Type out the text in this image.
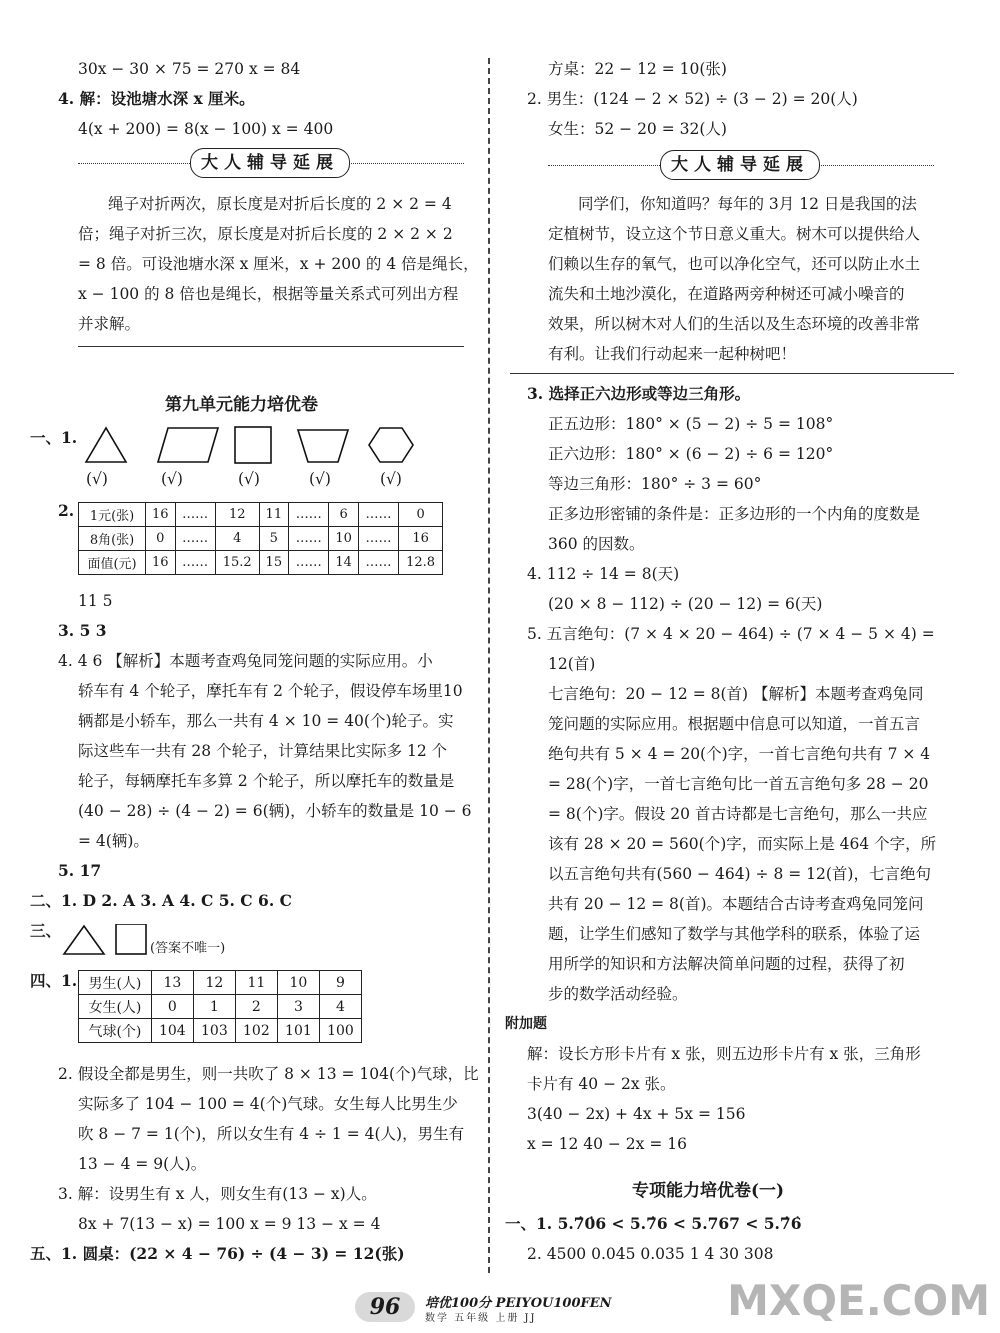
30x − 30 × 75 = 270 x = 84
4. 解：设池塘水深 x 厘米。
4(x + 200) = 8(x − 100) x = 400
大人辅导延展
绳子对折两次，原长度是对折后长度的 2 × 2 = 4
倍；绳子对折三次，原长度是对折后长度的 2 × 2 × 2
= 8 倍。可设池塘水深 x 厘米，x + 200 的 4 倍是绳长，
x − 100 的 8 倍也是绳长，根据等量关系式可列出方程
并求解。
第九单元能力培优卷
一、1.
(√)	(√)	(√)	(√)	(√)
2. 1元(张)	16	……	12	11	……	6	……	0
8角(张)	0	……	4	5	……	10	……	16
面值(元)	16	……	15.2	15	……	14	……	12.8
11 5
3. 5 3
4. 4 6 【解析】本题考查鸡兔同笼问题的实际应用。小
轿车有 4 个轮子，摩托车有 2 个轮子，假设停车场里10
辆都是小轿车，那么一共有 4 × 10 = 40(个)轮子。实
际这些车一共有 28 个轮子，计算结果比实际多 12 个
轮子，每辆摩托车多算 2 个轮子，所以摩托车的数量是
(40 − 28) ÷ (4 − 2) = 6(辆)，小轿车的数量是 10 − 6
= 4(辆)。
5. 17
二、1. D 2. A 3. A 4. C 5. C 6. C
三、
(答案不唯一)
四、1. 男生(人)	13	12	11	10	9
女生(人)	0	1	2	3	4
气球(个)	104	103	102	101	100
2. 假设全都是男生，则一共吹了 8 × 13 = 104(个)气球，比
实际多了 104 − 100 = 4(个)气球。女生每人比男生少
吹 8 − 7 = 1(个)，所以女生有 4 ÷ 1 = 4(人)，男生有
13 − 4 = 9(人)。
3. 解：设男生有 x 人，则女生有(13 − x)人。
8x + 7(13 − x) = 100 x = 9 13 − x = 4
五、1. 圆桌：(22 × 4 − 76) ÷ (4 − 3) = 12(张)
方桌：22 − 12 = 10(张)
2. 男生：(124 − 2 × 52) ÷ (3 − 2) = 20(人)
女生：52 − 20 = 32(人)
大人辅导延展
同学们，你知道吗？每年的 3月 12 日是我国的法
定植树节，设立这个节日意义重大。树木可以提供给人
们赖以生存的氧气，也可以净化空气，还可以防止水土
流失和土地沙漠化，在道路两旁种树还可减小噪音的
效果，所以树木对人们的生活以及生态环境的改善非常
有利。让我们行动起来一起种树吧！
3. 选择正六边形或等边三角形。
正五边形：180° × (5 − 2) ÷ 5 = 108°
正六边形：180° × (6 − 2) ÷ 6 = 120°
等边三角形：180° ÷ 3 = 60°
正多边形密铺的条件是：正多边形的一个内角的度数是
360 的因数。
4. 112 ÷ 14 = 8(天)
(20 × 8 − 112) ÷ (20 − 12) = 6(天)
5. 五言绝句：(7 × 4 × 20 − 464) ÷ (7 × 4 − 5 × 4) =
12(首)
七言绝句：20 − 12 = 8(首) 【解析】本题考查鸡兔同
笼问题的实际应用。根据题中信息可以知道，一首五言
绝句共有 5 × 4 = 20(个)字，一首七言绝句共有 7 × 4
= 28(个)字，一首七言绝句比一首五言绝句多 28 − 20
= 8(个)字。假设 20 首古诗都是七言绝句，那么一共应
该有 28 × 20 = 560(个)字，而实际上是 464 个字，所
以五言绝句共有(560 − 464) ÷ 8 = 12(首)，七言绝句
共有 20 − 12 = 8(首)。本题结合古诗考查鸡兔同笼问
题，让学生们感知了数学与其他学科的联系，体验了运
用所学的知识和方法解决简单问题的过程，获得了初
步的数学活动经验。
附加题
解：设长方形卡片有 x 张，则五边形卡片有 x 张，三角形
卡片有 40 − 2x 张。
3(40 − 2x) + 4x + 5x = 156
x = 12 40 − 2x = 16
专项能力培优卷(一)
一、1. 5.7̇0̇6 < 5.7̇6 < 5.767 < 5.7̇6̇
2. 4500 0.045 0.035 1 4 30 308
96	培优100分 PEIYOU100FEN
数学 五年级 上册 JJ	MXQE.COM
